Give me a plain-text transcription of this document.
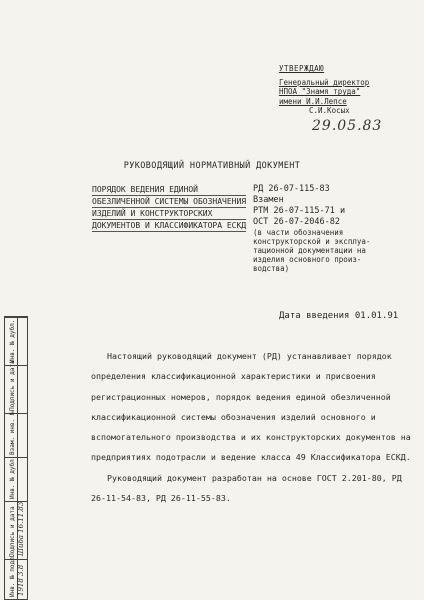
УТВЕРЖДАЮ
Генеральный директор
НПОА "Знамя труда"
имени И.И.Лепсе
С.И.Косых
29.05.83
РУКОВОДЯЩИЙ НОРМАТИВНЫЙ ДОКУМЕНТ
ПОРЯДОК ВЕДЕНИЯ ЕДИНОЙ
ОБЕЗЛИЧЕННОЙ СИСТЕМЫ ОБОЗНАЧЕНИЯ
ИЗДЕЛИЙ И КОНСТРУКТОРСКИХ
ДОКУМЕНТОВ И КЛАССИФИКАТОРА ЕСКД
РД 26-07-115-83
Взамен
РТМ 26-07-115-71 и
ОСТ 26-07-2046-82
(в части обозначения
конструкторской и эксплуа-
тационной документации на
изделия основного произ-
водства)
Дата введения 01.01.91

Настоящий руководящий документ (РД) устанавливает порядок определения классификационной характеристики и присвоения регистрационных номеров, порядок ведения единой обезличенной классификационной системы обозначения изделий основного и вспомогательного производства и их конструкторских документов на предприятиях подотрасли и ведение класса 49 Классификатора ЕСКД.

Руководящий документ разработан на основе ГОСТ 2.201-80, РД 26-11-54-83, РД 26-11-55-83.

Инв. № дубл.
Подпись и дата
Взам. инв. №
Инв. № дубл.
Подпись и дата Шиба 16.11.83
Инв. № подл. 1918 3.8
